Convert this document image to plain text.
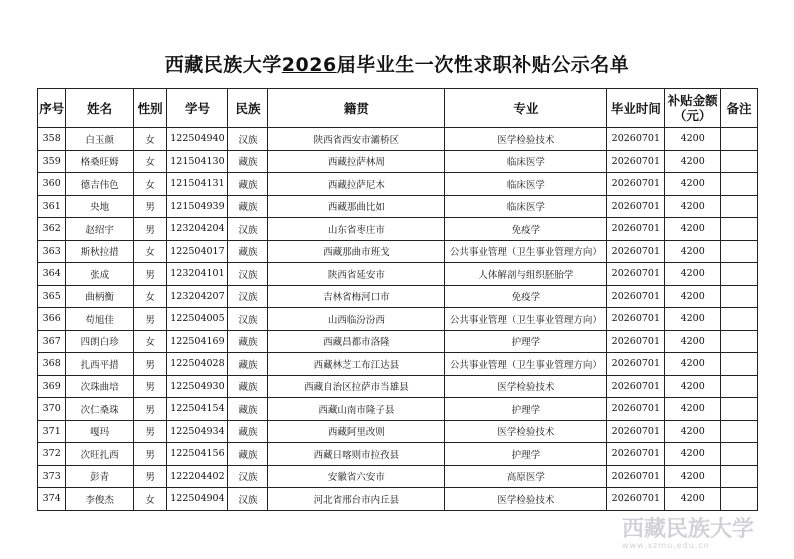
西藏民族大学2026届毕业生一次性求职补贴公示名单
序号	姓名	性别	学号	民族	籍贯	专业	毕业时间	补贴金额（元）	备注
358	白玉颜	女	122504940	汉族	陕西省西安市灞桥区	医学检验技术	20260701	4200	
359	格桑旺姆	女	121504130	藏族	西藏拉萨林周	临床医学	20260701	4200	
360	德吉伟色	女	121504131	藏族	西藏拉萨尼木	临床医学	20260701	4200	
361	央地	男	121504939	藏族	西藏那曲比如	临床医学	20260701	4200	
362	赵绍宇	男	123204204	汉族	山东省枣庄市	免疫学	20260701	4200	
363	斯秋拉措	女	122504017	藏族	西藏那曲市班戈	公共事业管理（卫生事业管理方向）	20260701	4200	
364	张成	男	123204101	汉族	陕西省延安市	人体解剖与组织胚胎学	20260701	4200	
365	曲柄衡	女	123204207	汉族	吉林省梅河口市	免疫学	20260701	4200	
366	苟旭佳	男	122504005	汉族	山西临汾汾西	公共事业管理（卫生事业管理方向）	20260701	4200	
367	四朗白珍	女	122504169	藏族	西藏昌都市洛隆	护理学	20260701	4200	
368	扎西平措	男	122504028	藏族	西藏林芝工布江达县	公共事业管理（卫生事业管理方向）	20260701	4200	
369	次珠曲培	男	122504930	藏族	西藏自治区拉萨市当雄县	医学检验技术	20260701	4200	
370	次仁桑珠	男	122504154	藏族	西藏山南市隆子县	护理学	20260701	4200	
371	嘎玛	男	122504934	藏族	西藏阿里改则	医学检验技术	20260701	4200	
372	次旺扎西	男	122504156	藏族	西藏日喀则市拉孜县	护理学	20260701	4200	
373	彭青	男	122204402	汉族	安徽省六安市	高原医学	20260701	4200	
374	李俊杰	女	122504904	汉族	河北省邢台市内丘县	医学检验技术	20260701	4200	
西藏民族大学
www.xzmu.edu.cn
